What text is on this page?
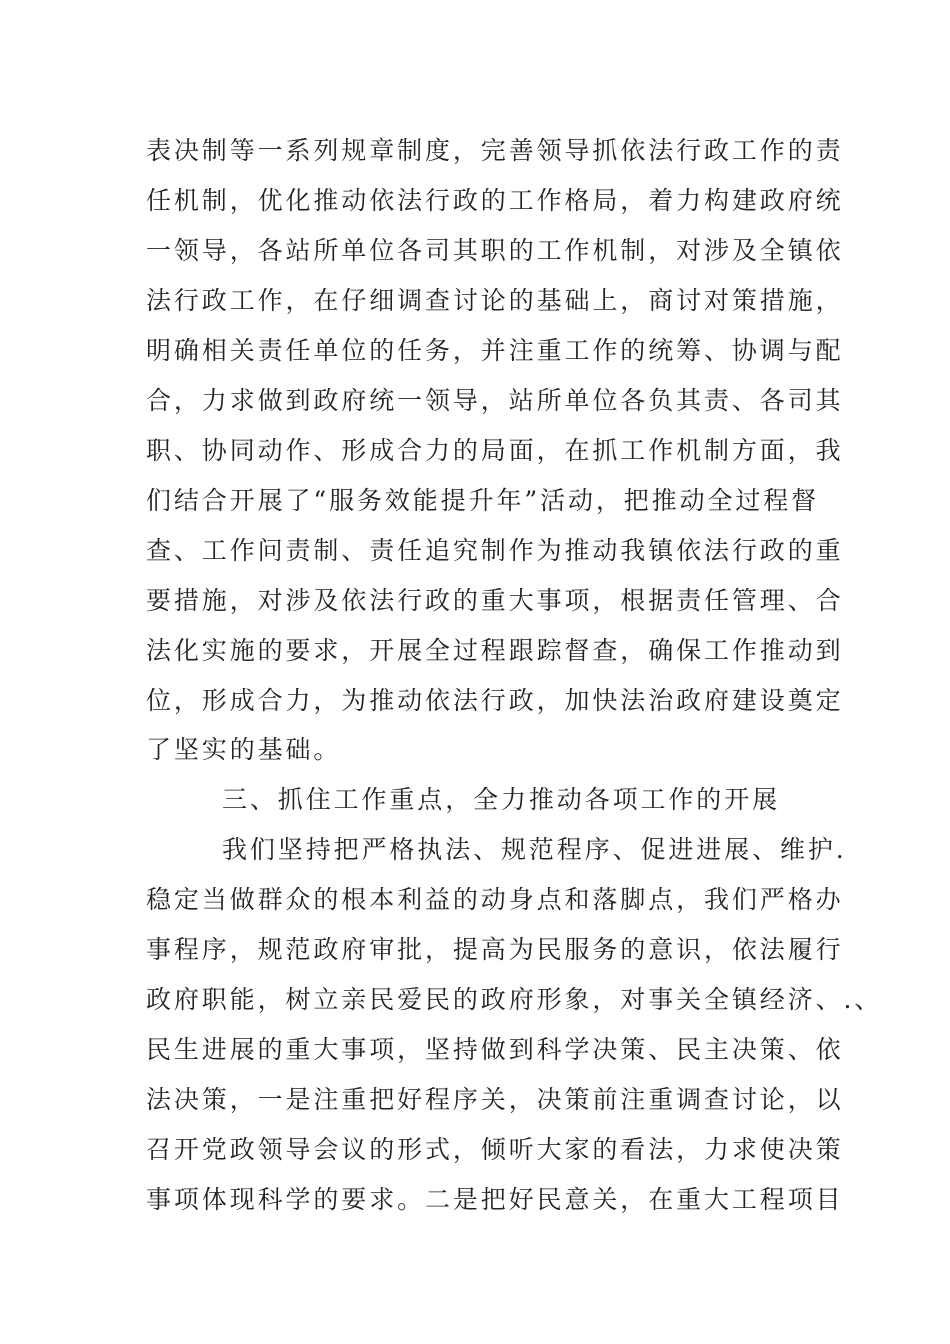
表决制等一系列规章制度，完善领导抓依法行政工作的责
任机制，优化推动依法行政的工作格局，着力构建政府统
一领导，各站所单位各司其职的工作机制，对涉及全镇依
法行政工作，在仔细调查讨论的基础上，商讨对策措施，
明确相关责任单位的任务，并注重工作的统筹、协调与配
合，力求做到政府统一领导，站所单位各负其责、各司其
职、协同动作、形成合力的局面，在抓工作机制方面，我
们结合开展了“服务效能提升年”活动，把推动全过程督
查、工作问责制、责任追究制作为推动我镇依法行政的重
要措施，对涉及依法行政的重大事项，根据责任管理、合
法化实施的要求，开展全过程跟踪督查，确保工作推动到
位，形成合力，为推动依法行政，加快法治政府建设奠定
了坚实的基础。
三、抓住工作重点，全力推动各项工作的开展
我们坚持把严格执法、规范程序、促进进展、维护.
稳定当做群众的根本利益的动身点和落脚点，我们严格办
事程序，规范政府审批，提高为民服务的意识，依法履行
政府职能，树立亲民爱民的政府形象，对事关全镇经济、.、
民生进展的重大事项，坚持做到科学决策、民主决策、依
法决策，一是注重把好程序关，决策前注重调查讨论，以
召开党政领导会议的形式，倾听大家的看法，力求使决策
事项体现科学的要求。二是把好民意关，在重大工程项目
